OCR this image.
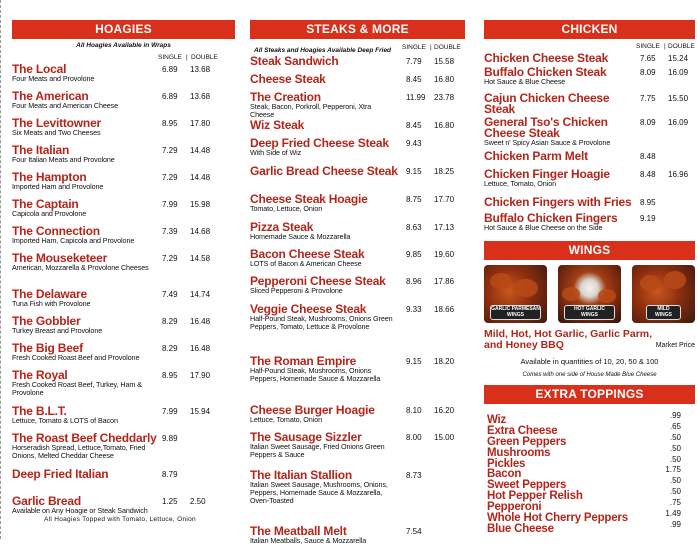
HOAGIES
All Hoagies Available in Wraps
SINGLE | DOUBLE
The Local
Four Meats and Provolone
6.89 13.68
The American
Four Meats and American Cheese
6.89 13.68
The Levittowner
Six Meats and Two Cheeses
8.95 17.80
The Italian
Four Italian Meats and Provolone
7.29 14.48
The Hampton
Imported Ham and Provolone
7.29 14.48
The Captain
Capicola and Provolone
7.99 15.98
The Connection
Imported Ham, Capicola and Provolone
7.39 14.68
The Mouseketeer
American, Mozzarella & Provolone Cheeses
7.29 14.58
The Delaware
Tuna Fish with Provolone
7.49 14.74
The Gobbler
Turkey Breast and Provolone
8.29 16.48
The Big Beef
Fresh Cooked Roast Beef and Provolone
8.29 16.48
The Royal
Fresh Cooked Roast Beef, Turkey, Ham & Provolone
8.95 17.90
The B.L.T.
Lettuce, Tomato & LOTS of Bacon
7.99 15.94
The Roast Beef Cheddarly
Horseradish Spread, Lettuce,Tomato, Fried Onions, Melted Cheddar Cheese
9.89
Deep Fried Italian	8.79
Garlic Bread
Available on Any Hoagie or Steak Sandwich
1.25 2.50
All Hoagies Topped with Tomato, Lettuce, Onion
STEAKS & MORE
All Steaks and Hoagies Available Deep Fried SINGLE | DOUBLE
Steak Sandwich	7.79 15.58
Cheese Steak	8.45 16.80
The Creation
Steak, Bacon, Porkroll, Pepperoni, Xtra Cheese
11.99 23.78
Wiz Steak	8.45 16.80
Deep Fried Cheese Steak
With Side of Wiz
9.43
Garlic Bread Cheese Steak 9.15 18.25
Cheese Steak Hoagie
Tomato, Lettuce, Onion
8.75 17.70
Pizza Steak
Homemade Sauce & Mozzarella
8.63 17.13
Bacon Cheese Steak
LOTS of Bacon & American Cheese
9.85 19.60
Pepperoni Cheese Steak
Sliced Pepperoni & Provolone
8.96 17.86
Veggie Cheese Steak
Half-Pound Steak, Mushrooms, Onions Green Peppers, Tomato, Lettuce & Provolone
9.33 18.66
The Roman Empire
Half-Pound Steak, Mushrooms, Onions Peppers, Homemade Sauce & Mozzarella
9.15 18.20
Cheese Burger Hoagie
Lettuce, Tomato, Onion
8.10 16.20
The Sausage Sizzler
Italian Sweet Sausage, Fried Onions Green Peppers & Sauce
8.00 15.00
The Italian Stallion
Italian Sweet Sausage, Mushrooms, Onions, Peppers, Homemade Sauce & Mozzarella, Oven-Toasted
8.73
The Meatball Melt
Italian Meatballs, Sauce & Mozzarella
7.54
CHICKEN
SINGLE | DOUBLE
Chicken Cheese Steak	7.65 15.24
Buffalo Chicken Steak
Hot Sauce & Blue Cheese
8.09 16.09
Cajun Chicken Cheese Steak
7.75 15.50
General Tso's Chicken Cheese Steak
Sweet n' Spicy Asian Sauce & Provolone
8.09 16.09
Chicken Parm Melt	8.48
Chicken Finger Hoagie
Lettuce, Tomato, Onion
8.48 16.96
Chicken Fingers with Fries 8.95
Buffalo Chicken Fingers
Hot Sauce & Blue Cheese on the Side
9.19
WINGS
GARLIC PARMESAN
WINGS
HOT GARLIC
WINGS
MILD
WINGS
Mild, Hot, Hot Garlic, Garlic Parm,
and Honey BBQ	Market Price
Available in quantities of 10, 20, 50 & 100
Comes with one side of House Made Blue Cheese
EXTRA TOPPINGS
Wiz	.99
Extra Cheese	.65
Green Peppers	.50
Mushrooms	.50
Pickles	.50
Bacon	1.75
Sweet Peppers	.50
Hot Pepper Relish	.50
Pepperoni	.75
Whole Hot Cherry Peppers	1.49
Blue Cheese	.99
